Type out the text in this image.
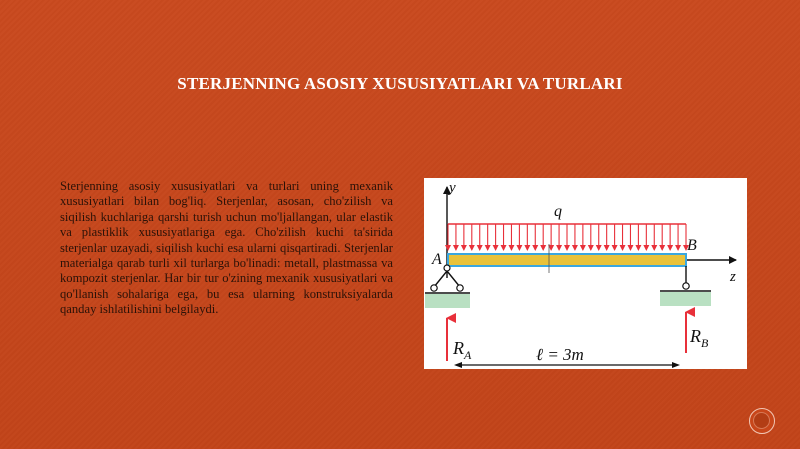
STERJENNING ASOSIY XUSUSIYATLARI VA TURLARI
Sterjenning asosiy xususiyatlari va turlari uning mexanik xususiyatlari bilan bog'liq. Sterjenlar, asosan, cho'zilish va siqilish kuchlariga qarshi turish uchun mo'ljallangan, ular elastik va plastiklik xususiyatlariga ega. Cho'zilish kuchi ta'sirida sterjenlar uzayadi, siqilish kuchi esa ularni qisqartiradi. Sterjenlar materialga qarab turli xil turlarga bo'linadi: metall, plastmassa va kompozit sterjenlar. Har bir tur o'zining mexanik xususiyatlari va qo'llanish sohalariga ega, bu esa ularning konstruksiyalarda qanday ishlatilishini belgilaydi.
y
z
q
A
B
$R_A$
$R_B$
ℓ = 3m
